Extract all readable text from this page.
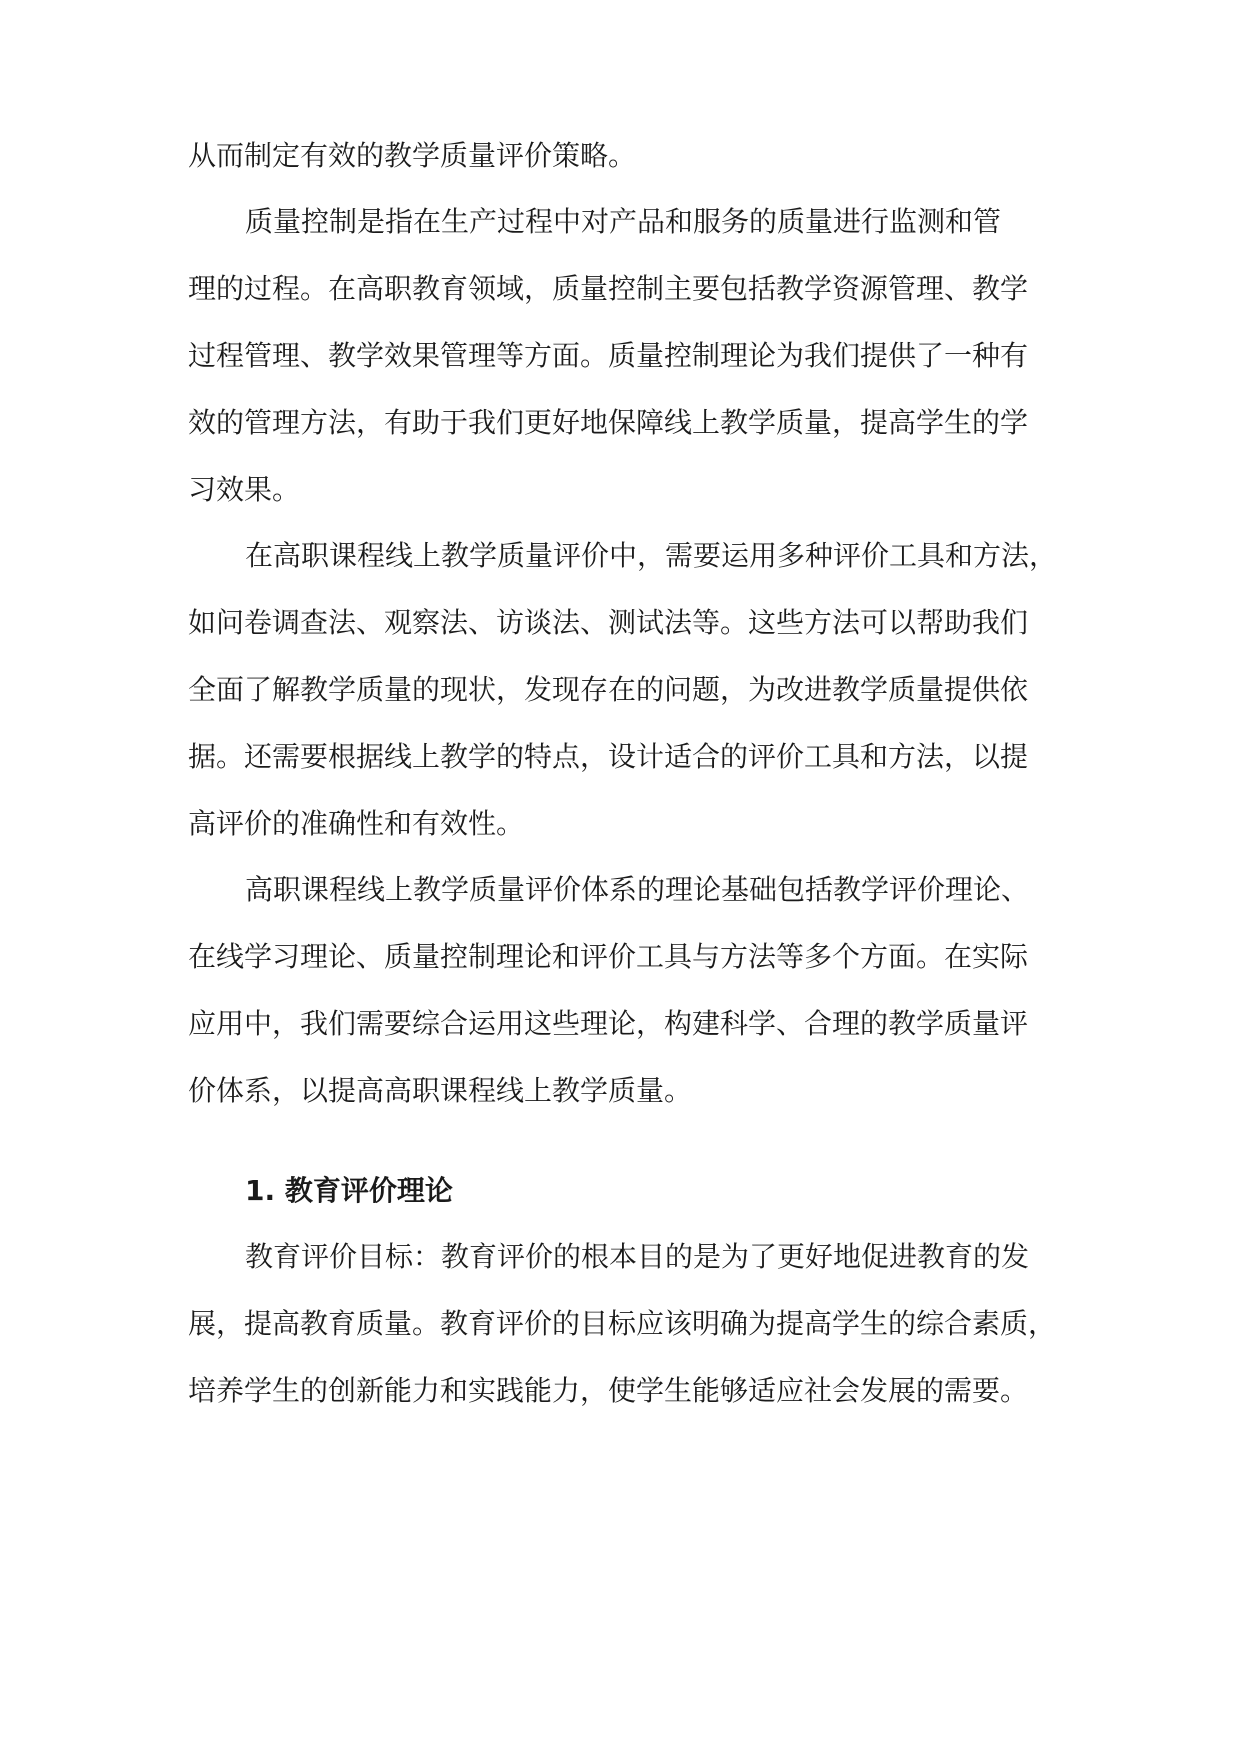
从而制定有效的教学质量评价策略。
质量控制是指在生产过程中对产品和服务的质量进行监测和管
理的过程。在高职教育领域，质量控制主要包括教学资源管理、教学
过程管理、教学效果管理等方面。质量控制理论为我们提供了一种有
效的管理方法，有助于我们更好地保障线上教学质量，提高学生的学
习效果。
在高职课程线上教学质量评价中，需要运用多种评价工具和方法，
如问卷调查法、观察法、访谈法、测试法等。这些方法可以帮助我们
全面了解教学质量的现状，发现存在的问题，为改进教学质量提供依
据。还需要根据线上教学的特点，设计适合的评价工具和方法，以提
高评价的准确性和有效性。
高职课程线上教学质量评价体系的理论基础包括教学评价理论、
在线学习理论、质量控制理论和评价工具与方法等多个方面。在实际
应用中，我们需要综合运用这些理论，构建科学、合理的教学质量评
价体系，以提高高职课程线上教学质量。
1. 教育评价理论
教育评价目标：教育评价的根本目的是为了更好地促进教育的发
展，提高教育质量。教育评价的目标应该明确为提高学生的综合素质，
培养学生的创新能力和实践能力，使学生能够适应社会发展的需要。
